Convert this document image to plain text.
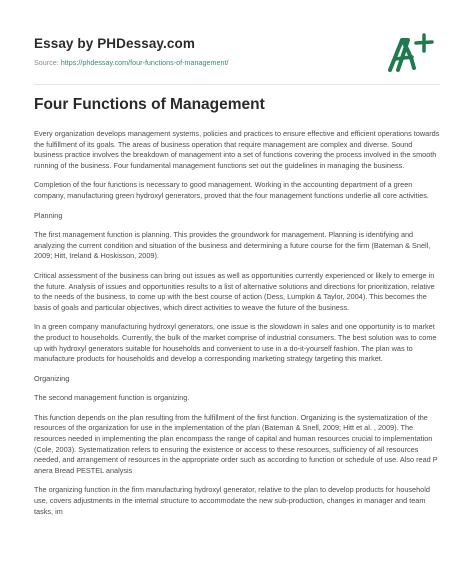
Essay by PHDessay.com
Source: https://phdessay.com/four-functions-of-management/
Four Functions of Management

Every organization develops management systems, policies and practices to ensure effective and efficient operations towards the fulfillment of its goals. The areas of business operation that require management are complex and diverse. Sound business practice involves the breakdown of management into a set of functions covering the process involved in the smooth running of the business. Four fundamental management functions set out the guidelines in managing the business.

Completion of the four functions is necessary to good management. Working in the accounting department of a green company, manufacturing green hydroxyl generators, proved that the four management functions underlie all core activities.

Planning

The first management function is planning. This provides the groundwork for management. Planning is identifying and analyzing the current condition and situation of the business and determining a future course for the firm (Bateman & Snell, 2009; Hitt, Ireland & Hoskisson, 2009).

Critical assessment of the business can bring out issues as well as opportunities currently experienced or likely to emerge in the future. Analysis of issues and opportunities results to a list of alternative solutions and directions for prioritization, relative to the needs of the business, to come up with the best course of action (Dess, Lumpkin & Taylor, 2004). This becomes the basis of goals and particular objectives, which direct activities to weave the future of the business.

In a green company manufacturing hydroxyl generators, one issue is the slowdown in sales and one opportunity is to market the product to households. Currently, the bulk of the market comprise of industrial consumers. The best solution was to come up with hydroxyl generators suitable for households and convenient to use in a do-it-yourself fashion. The plan was to manufacture products for households and develop a corresponding marketing strategy targeting this market.

Organizing

The second management function is organizing.

This function depends on the plan resulting from the fulfillment of the first function. Organizing is the systematization of the resources of the organization for use in the implementation of the plan (Bateman & Snell, 2009; Hitt et al. , 2009). The resources needed in implementing the plan encompass the range of capital and human resources crucial to implementation (Cole, 2003). Systematization refers to ensuring the existence or access to these resources, sufficiency of all resources needed, and arrangement of resources in the appropriate order such as according to function or schedule of use. Also read P anera Bread PESTEL analysis

The organizing function in the firm manufacturing hydroxyl generator, relative to the plan to develop products for household use, covers adjustments in the internal structure to accommodate the new sub-production, changes in manager and team tasks, im
